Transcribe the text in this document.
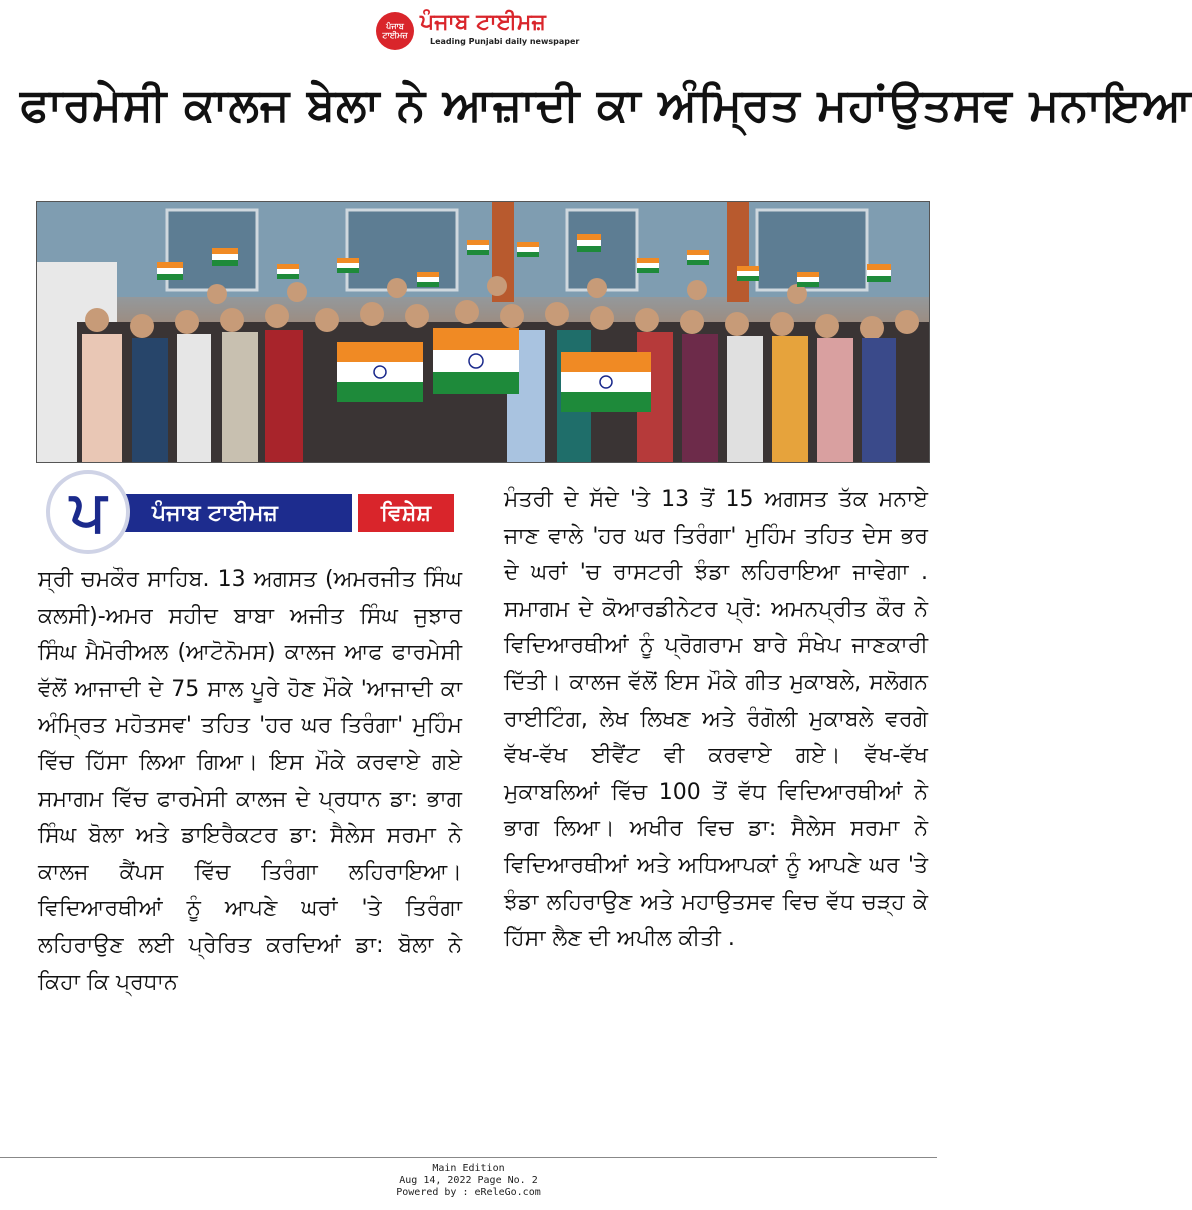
ਪੰਜਾਬ ਟਾਈਮਜ਼
ਪੰਜਾਬ ਟਾਈਮਜ਼
Leading Punjabi daily newspaper
ਫਾਰਮੇਸੀ ਕਾਲਜ ਬੇਲਾ ਨੇ ਆਜ਼ਾਦੀ ਕਾ ਅੰਮ੍ਰਿਤ ਮਹਾਂਉਤਸਵ ਮਨਾਇਆ
ਪੰਜਾਬ ਟਾਈਮਜ਼	ਵਿਸ਼ੇਸ਼
ਪ

ਸ੍ਰੀ ਚਮਕੌਰ ਸਾਹਿਬ. 13 ਅਗਸਤ (ਅਮਰਜੀਤ ਸਿੰਘ ਕਲਸੀ)-ਅਮਰ ਸਹੀਦ ਬਾਬਾ ਅਜੀਤ ਸਿੰਘ ਜੁਝਾਰ ਸਿੰਘ ਮੈਮੋਰੀਅਲ (ਆਟੋਨੋਮਸ) ਕਾਲਜ ਆਫ ਫਾਰਮੇਸੀ ਵੱਲੋਂ ਆਜਾਦੀ ਦੇ 75 ਸਾਲ ਪੂਰੇ ਹੋਣ ਮੌਕੇ 'ਆਜਾਦੀ ਕਾ ਅੰਮ੍ਰਿਤ ਮਹੋਤਸਵ' ਤਹਿਤ 'ਹਰ ਘਰ ਤਿਰੰਗਾ' ਮੁਹਿੰਮ ਵਿੱਚ ਹਿੱਸਾ ਲਿਆ ਗਿਆ। ਇਸ ਮੌਕੇ ਕਰਵਾਏ ਗਏ ਸਮਾਗਮ ਵਿੱਚ ਫਾਰਮੇਸੀ ਕਾਲਜ ਦੇ ਪ੍ਰਧਾਨ ਡਾ: ਭਾਗ ਸਿੰਘ ਬੋਲਾ ਅਤੇ ਡਾਇਰੈਕਟਰ ਡਾ: ਸੈਲੇਸ ਸਰਮਾ ਨੇ ਕਾਲਜ ਕੈਂਪਸ ਵਿੱਚ ਤਿਰੰਗਾ ਲਹਿਰਾਇਆ। ਵਿਦਿਆਰਥੀਆਂ ਨੂੰ ਆਪਣੇ ਘਰਾਂ 'ਤੇ ਤਿਰੰਗਾ ਲਹਿਰਾਉਣ ਲਈ ਪ੍ਰੇਰਿਤ ਕਰਦਿਆਂ ਡਾ: ਬੋਲਾ ਨੇ ਕਿਹਾ ਕਿ ਪ੍ਰਧਾਨ

ਮੰਤਰੀ ਦੇ ਸੱਦੇ 'ਤੇ 13 ਤੋਂ 15 ਅਗਸਤ ਤੱਕ ਮਨਾਏ ਜਾਣ ਵਾਲੇ 'ਹਰ ਘਰ ਤਿਰੰਗਾ' ਮੁਹਿੰਮ ਤਹਿਤ ਦੇਸ ਭਰ ਦੇ ਘਰਾਂ 'ਚ ਰਾਸਟਰੀ ਝੰਡਾ ਲਹਿਰਾਇਆ ਜਾਵੇਗਾ . ਸਮਾਗਮ ਦੇ ਕੋਆਰਡੀਨੇਟਰ ਪ੍ਰੋ: ਅਮਨਪ੍ਰੀਤ ਕੌਰ ਨੇ ਵਿਦਿਆਰਥੀਆਂ ਨੂੰ ਪ੍ਰੋਗਰਾਮ ਬਾਰੇ ਸੰਖੇਪ ਜਾਣਕਾਰੀ ਦਿੱਤੀ। ਕਾਲਜ ਵੱਲੋਂ ਇਸ ਮੌਕੇ ਗੀਤ ਮੁਕਾਬਲੇ, ਸਲੋਗਨ ਰਾਈਟਿੰਗ, ਲੇਖ ਲਿਖਣ ਅਤੇ ਰੰਗੋਲੀ ਮੁਕਾਬਲੇ ਵਰਗੇ ਵੱਖ-ਵੱਖ ਈਵੈਂਟ ਵੀ ਕਰਵਾਏ ਗਏ। ਵੱਖ-ਵੱਖ ਮੁਕਾਬਲਿਆਂ ਵਿੱਚ 100 ਤੋਂ ਵੱਧ ਵਿਦਿਆਰਥੀਆਂ ਨੇ ਭਾਗ ਲਿਆ। ਅਖੀਰ ਵਿਚ ਡਾ: ਸੈਲੇਸ ਸਰਮਾ ਨੇ ਵਿਦਿਆਰਥੀਆਂ ਅਤੇ ਅਧਿਆਪਕਾਂ ਨੂੰ ਆਪਣੇ ਘਰ 'ਤੇ ਝੰਡਾ ਲਹਿਰਾਉਣ ਅਤੇ ਮਹਾਉਤਸਵ ਵਿਚ ਵੱਧ ਚੜ੍ਹ ਕੇ ਹਿੱਸਾ ਲੈਣ ਦੀ ਅਪੀਲ ਕੀਤੀ .

Main Edition
Aug 14, 2022 Page No. 2
Powered by : eReleGo.com
